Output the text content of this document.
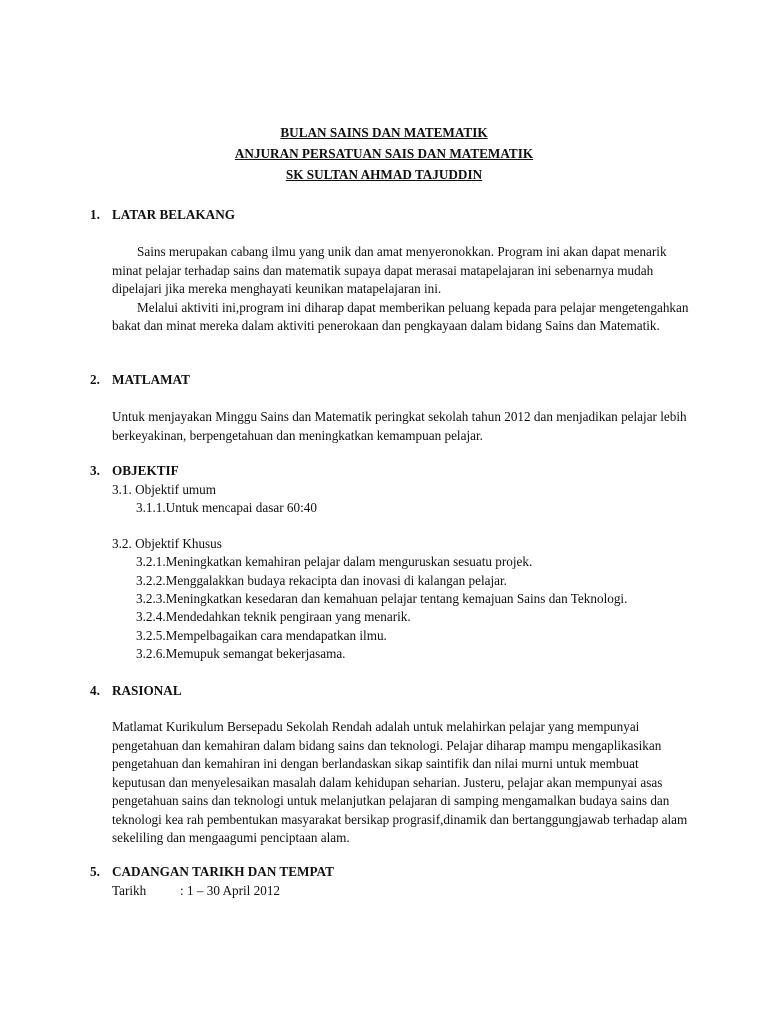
BULAN SAINS DAN MATEMATIK
ANJURAN PERSATUAN SAIS DAN MATEMATIK
SK SULTAN AHMAD TAJUDDIN
1. LATAR BELAKANG

Sains merupakan cabang ilmu yang unik dan amat menyeronokkan. Program ini akan dapat menarik minat pelajar terhadap sains dan matematik supaya dapat merasai matapelajaran ini sebenarnya mudah dipelajari jika mereka menghayati keunikan matapelajaran ini.

Melalui aktiviti ini,program ini diharap dapat memberikan peluang kepada para pelajar mengetengahkan bakat dan minat mereka dalam aktiviti penerokaan dan pengkayaan dalam bidang Sains dan Matematik.

2. MATLAMAT

Untuk menjayakan Minggu Sains dan Matematik peringkat sekolah tahun 2012 dan menjadikan pelajar lebih berkeyakinan, berpengetahuan dan meningkatkan kemampuan pelajar.

3. OBJEKTIF
3.1. Objektif umum
3.1.1.Untuk mencapai dasar 60:40
3.2. Objektif Khusus
3.2.1.Meningkatkan kemahiran pelajar dalam menguruskan sesuatu projek.
3.2.2.Menggalakkan budaya rekacipta dan inovasi di kalangan pelajar.
3.2.3.Meningkatkan kesedaran dan kemahuan pelajar tentang kemajuan Sains dan Teknologi.
3.2.4.Mendedahkan teknik pengiraan yang menarik.
3.2.5.Mempelbagaikan cara mendapatkan ilmu.
3.2.6.Memupuk semangat bekerjasama.
4. RASIONAL

Matlamat Kurikulum Bersepadu Sekolah Rendah adalah untuk melahirkan pelajar yang mempunyai pengetahuan dan kemahiran dalam bidang sains dan teknologi. Pelajar diharap mampu mengaplikasikan pengetahuan dan kemahiran ini dengan berlandaskan sikap saintifik dan nilai murni untuk membuat keputusan dan menyelesaikan masalah dalam kehidupan seharian. Justeru, pelajar akan mempunyai asas pengetahuan sains dan teknologi untuk melanjutkan pelajaran di samping mengamalkan budaya sains dan teknologi kea rah pembentukan masyarakat bersikap prograsif,dinamik dan bertanggungjawab terhadap alam sekeliling dan mengaagumi penciptaan alam.

5. CADANGAN TARIKH DAN TEMPAT
Tarikh	: 1 – 30 April 2012
